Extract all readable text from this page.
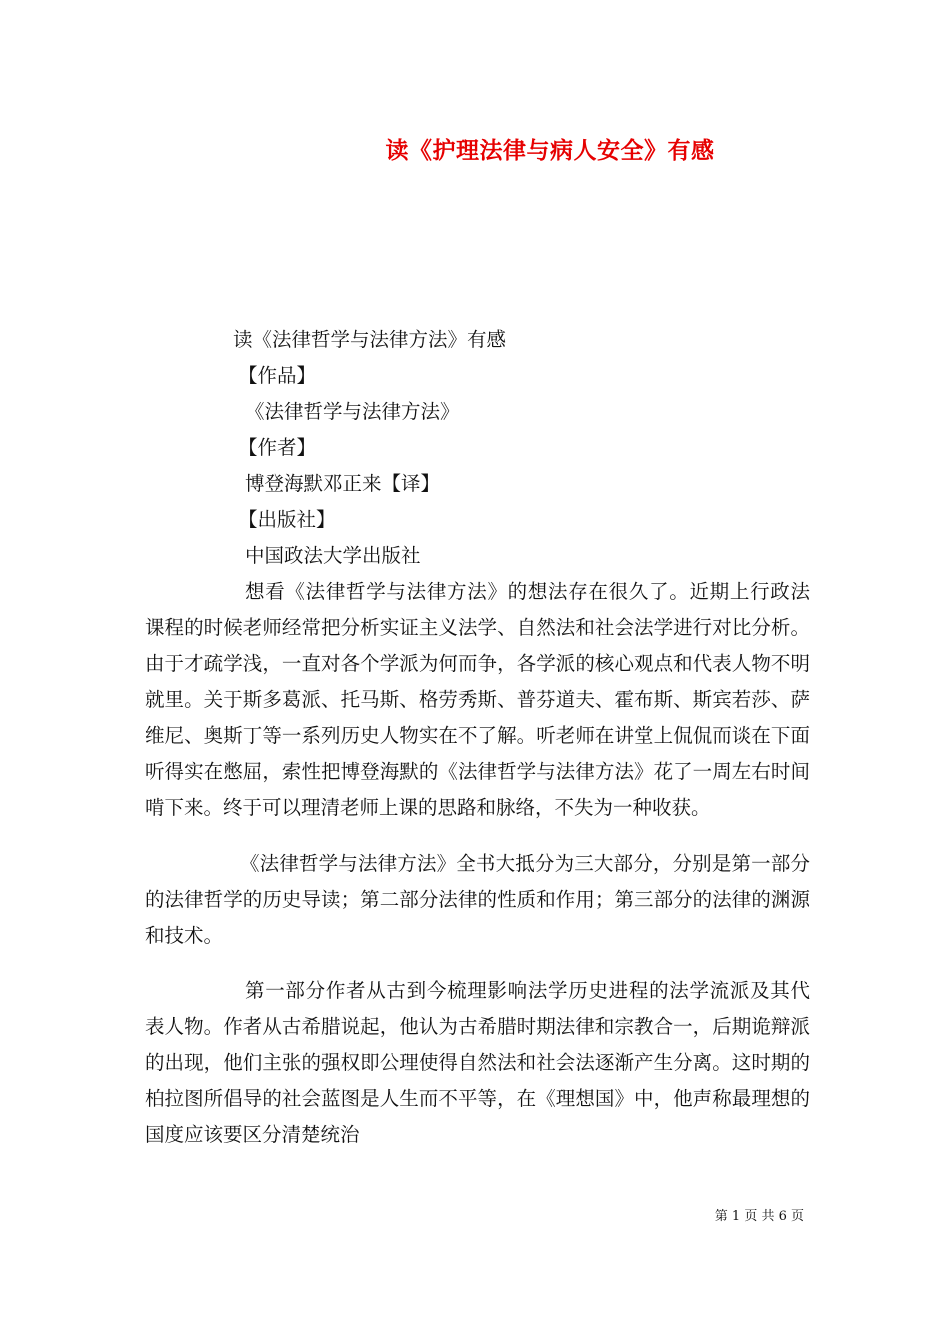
读《护理法律与病人安全》有感
读《法律哲学与法律方法》有感
【作品】
《法律哲学与法律方法》
【作者】
博登海默邓正来【译】
【出版社】
中国政法大学出版社

想看《法律哲学与法律方法》的想法存在很久了。近期上行政法课程的时候老师经常把分析实证主义法学、自然法和社会法学进行对比分析。由于才疏学浅，一直对各个学派为何而争，各学派的核心观点和代表人物不明就里。关于斯多葛派、托马斯、格劳秀斯、普芬道夫、霍布斯、斯宾若莎、萨维尼、奥斯丁等一系列历史人物实在不了解。听老师在讲堂上侃侃而谈在下面听得实在憋屈，索性把博登海默的《法律哲学与法律方法》花了一周左右时间啃下来。终于可以理清老师上课的思路和脉络，不失为一种收获。

《法律哲学与法律方法》全书大抵分为三大部分，分别是第一部分的法律哲学的历史导读；第二部分法律的性质和作用；第三部分的法律的渊源和技术。

第一部分作者从古到今梳理影响法学历史进程的法学流派及其代表人物。作者从古希腊说起，他认为古希腊时期法律和宗教合一，后期诡辩派的出现，他们主张的强权即公理使得自然法和社会法逐渐产生分离。这时期的柏拉图所倡导的社会蓝图是人生而不平等，在《理想国》中，他声称最理想的国度应该要区分清楚统治

第 1 页 共 6 页
